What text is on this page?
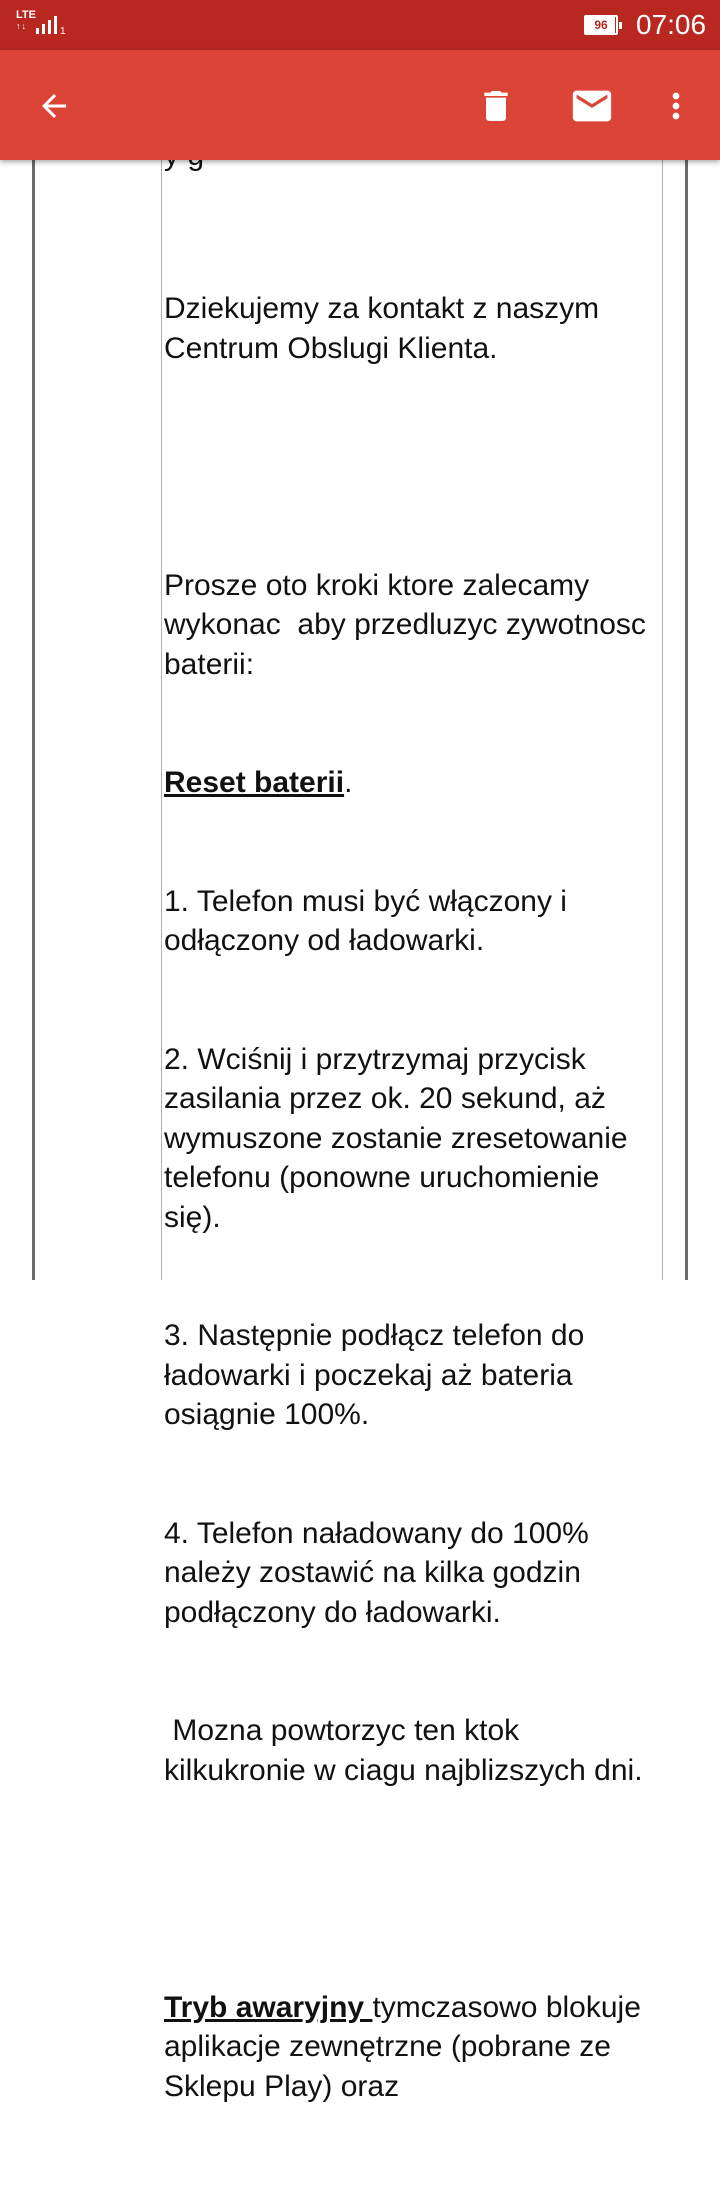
LTE
↑↓	1	96 07:06

Dziekujemy za kontakt z naszym Centrum Obslugi Klienta.

Prosze oto kroki ktore zalecamy wykonac  aby przedluzyc zywotnosc baterii:

Reset baterii.

1. Telefon musi być włączony i odłączony od ładowarki.

2. Wciśnij i przytrzymaj przycisk zasilania przez ok. 20 sekund, aż wymuszone zostanie zresetowanie telefonu (ponowne uruchomienie się).

3. Następnie podłącz telefon do ładowarki i poczekaj aż bateria osiągnie 100%.

4. Telefon naładowany do 100% należy zostawić na kilka godzin podłączony do ładowarki.

Mozna powtorzyc ten ktok kilkukronie w ciagu najblizszych dni.

Tryb awaryjny tymczasowo blokuje aplikacje zewnętrzne (pobrane ze Sklepu Play) oraz
